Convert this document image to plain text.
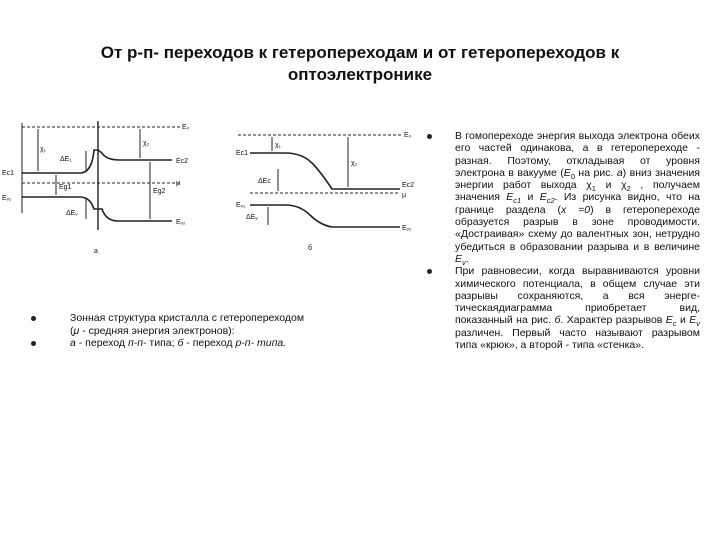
От р-п- переходов к гетеропереходам и от гетеропереходов к
оптоэлектронике
E₀
χ₁
χ₂
ΔE₁
Eс1
Eс2
μ
Eg1
Eg2
Eᵥ₁
Eᵥ₂
ΔEᵥ
а
E₀
χ₁
χ₂
Eс1
Eс2
ΔEс
μ
ΔEᵥ
Eᵥ₁
Eᵥ₂
б
Зонная структура кристалла с гетеропереходом (μ - средняя энергия электронов):
а - переход п-п- типа; б - переход р-п- типа.
В гомопереходе энергия выхода электрона обеих его частей одинакова, а в гетеропереходе - разная. Поэтому, откладывая от уровня электрона в вакууме ($Е_0$ на рис. а) вниз значения энергии работ выхода $\chi_1$ и $\chi_2$ , получаем значения $Е_{с1}$ и $Е_{с2}$. Из рисунка видно, что на границе раздела (х =0) в гетеропереходе образуется разрыв в зоне проводимости. «Достраивая» схему до валентных зон, нетрудно убедиться в образовании разрыва и в величине $Е_v$.
При равновесии, когда выравниваются уровни химического потенциала, в общем случае эти разрывы сохраняются, а вся энерге-тическаядиаграмма приобретает вид, показанный на рис. б. Характер разрывов $Е_с$ и $Е_v$ различен. Первый часто называют разрывом типа «крюк», а второй - типа «стенка».
